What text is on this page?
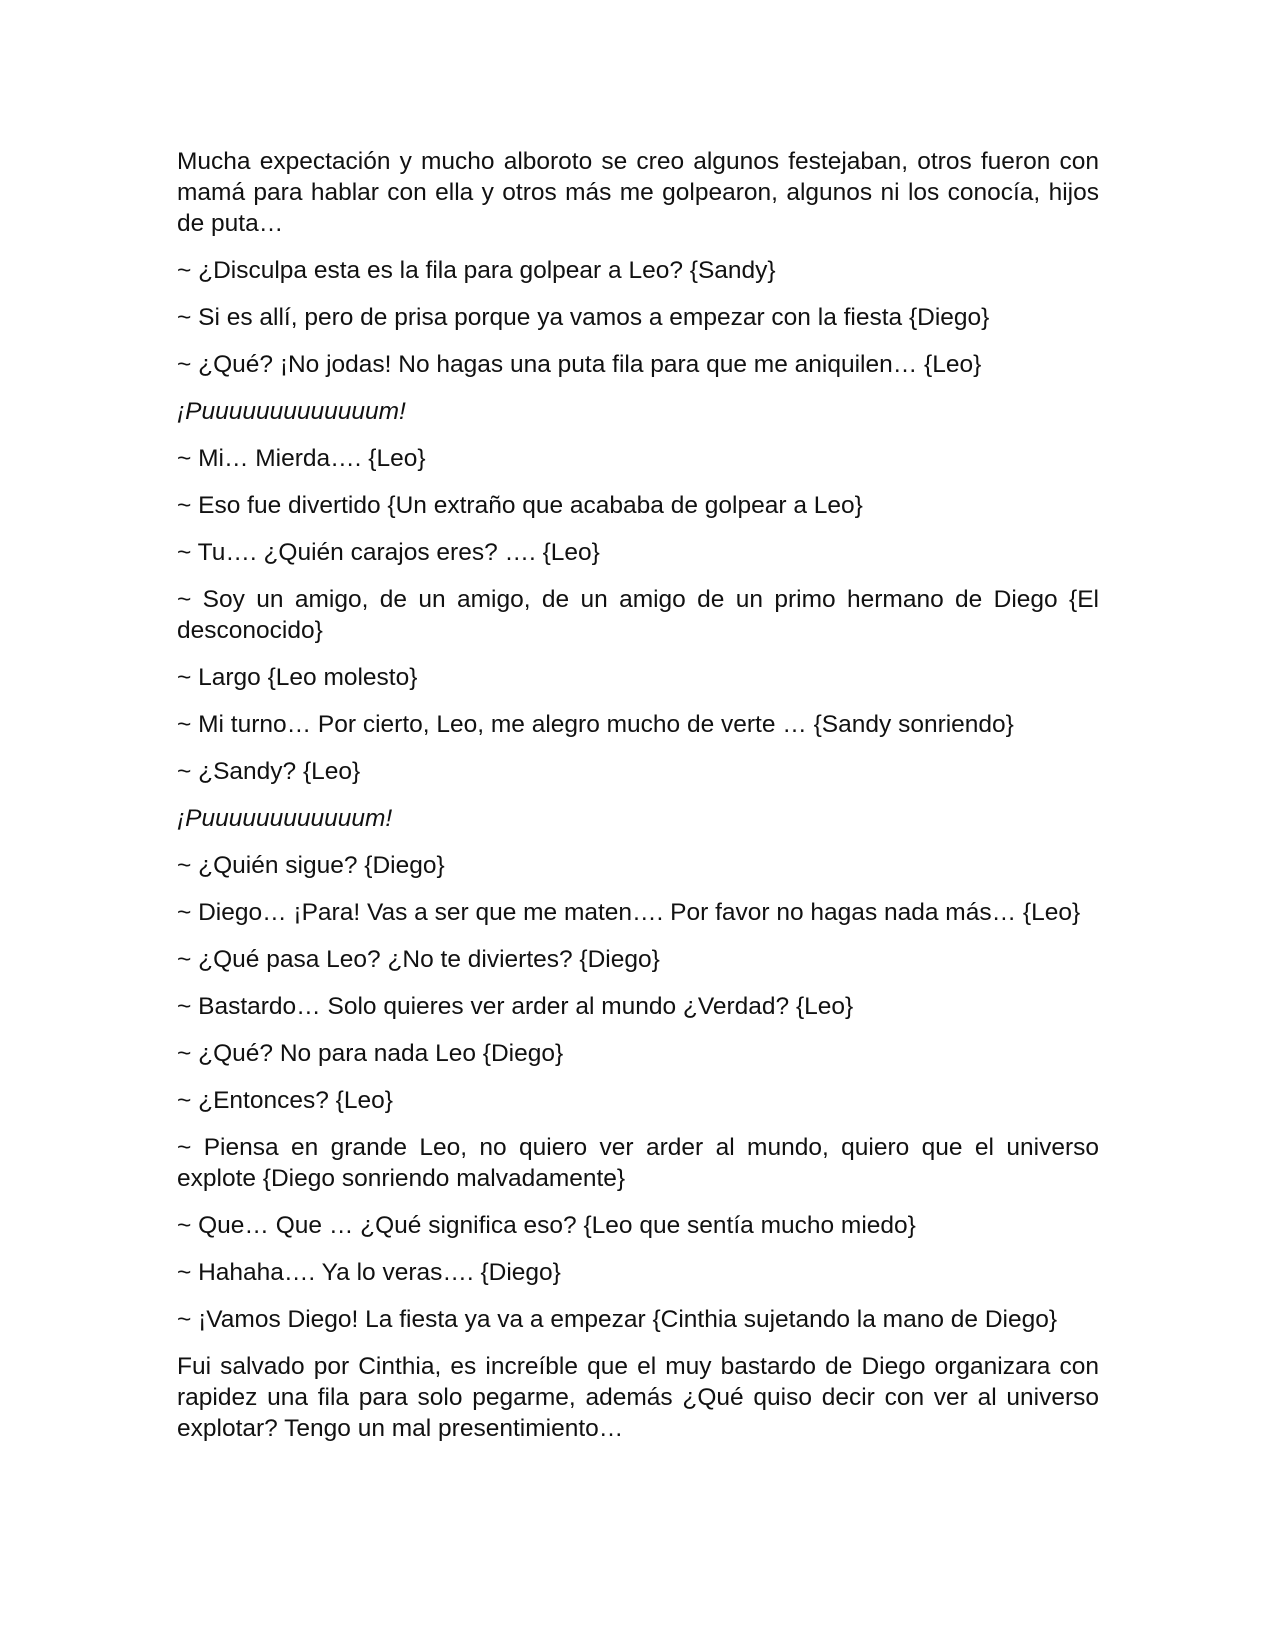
Mucha expectación y mucho alboroto se creo algunos festejaban, otros fueron con mamá para hablar con ella y otros más me golpearon, algunos ni los conocía, hijos de puta…

~ ¿Disculpa esta es la fila para golpear a Leo? {Sandy}

~ Si es allí, pero de prisa porque ya vamos a empezar con la fiesta {Diego}

~ ¿Qué? ¡No jodas! No hagas una puta fila para que me aniquilen… {Leo}

¡Puuuuuuuuuuuuum!

~ Mi… Mierda…. {Leo}

~ Eso fue divertido {Un extraño que acababa de golpear a Leo}

~ Tu…. ¿Quién carajos eres? …. {Leo}

~ Soy un amigo, de un amigo, de un amigo de un primo hermano de Diego {El desconocido}

~ Largo {Leo molesto}

~ Mi turno… Por cierto, Leo, me alegro mucho de verte … {Sandy sonriendo}

~ ¿Sandy? {Leo}

¡Puuuuuuuuuuuum!

~ ¿Quién sigue? {Diego}

~ Diego… ¡Para! Vas a ser que me maten…. Por favor no hagas nada más… {Leo}

~ ¿Qué pasa Leo? ¿No te diviertes? {Diego}

~ Bastardo… Solo quieres ver arder al mundo ¿Verdad? {Leo}

~ ¿Qué? No para nada Leo {Diego}

~ ¿Entonces? {Leo}

~ Piensa en grande Leo, no quiero ver arder al mundo, quiero que el universo explote {Diego sonriendo malvadamente}

~ Que… Que … ¿Qué significa eso? {Leo que sentía mucho miedo}

~ Hahaha…. Ya lo veras…. {Diego}

~ ¡Vamos Diego! La fiesta ya va a empezar {Cinthia sujetando la mano de Diego}

Fui salvado por Cinthia, es increíble que el muy bastardo de Diego organizara con rapidez una fila para solo pegarme, además ¿Qué quiso decir con ver al universo explotar? Tengo un mal presentimiento…
